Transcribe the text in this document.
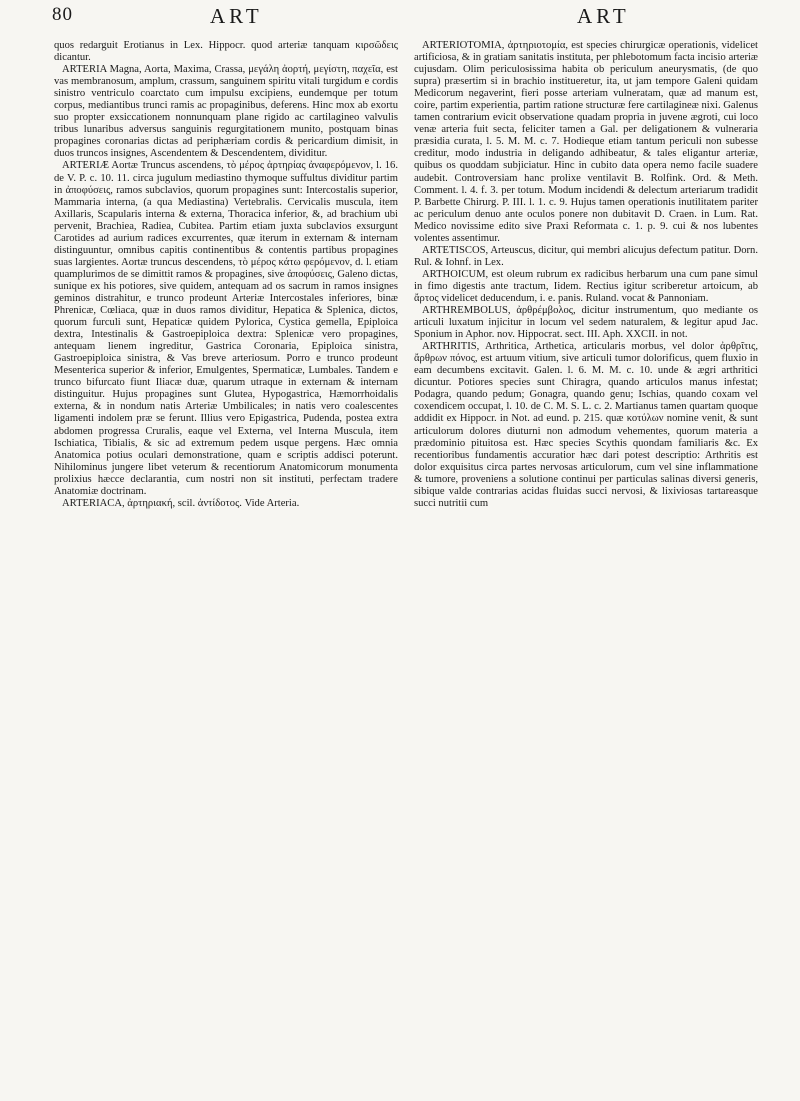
80	ART	ART

quos redarguit Erotianus in Lex. Hippocr. quod arteriæ tanquam κιρσῶδεις dicantur.

ARTERIA Magna, Aorta, Maxima, Crassa, μεγάλη ἀορτή, μεγίστη, παχεῖα, est vas membranosum, amplum, crassum, sanguinem spiritu vitali turgidum e cordis sinistro ventriculo coarctato cum impulsu excipiens, eundemque per totum corpus, mediantibus trunci ramis ac propaginibus, deferens. Hinc mox ab exortu suo propter exsiccationem nonnunquam plane rigido ac cartilagineo valvulis tribus lunaribus adversus sanguinis regurgitationem munito, postquam binas propagines coronarias dictas ad periphæriam cordis & pericardium dimisit, in duos truncos insignes, Ascendentem & Descendentem, dividitur.

ARTERIÆ Aortæ Truncus ascendens, τὸ μέρος ἀρτηρίας ἀναφερόμενον, l. 16. de V. P. c. 10. 11. circa jugulum mediastino thymoque suffultus dividitur partim in ἀποφύσεις, ramos subclavios, quorum propagines sunt: Intercostalis superior, Mammaria interna, (a qua Mediastina) Vertebralis. Cervicalis muscula, item Axillaris, Scapularis interna & externa, Thoracica inferior, &, ad brachium ubi pervenit, Brachiea, Radiea, Cubitea. Partim etiam juxta subclavios exsurgunt Carotides ad aurium radices excurrentes, quæ iterum in externam & internam distinguuntur, omnibus capitis continentibus & contentis partibus propagines suas largientes. Aortæ truncus descendens, τὸ μέρος κάτω φερόμενον, d. l. etiam quamplurimos de se dimittit ramos & propagines, sive ἀποφύσεις, Galeno dictas, sunique ex his potiores, sive quidem, antequam ad os sacrum in ramos insignes geminos distrahitur, e trunco prodeunt Arteriæ Intercostales inferiores, binæ Phrenicæ, Cœliaca, quæ in duos ramos dividitur, Hepatica & Splenica, dictos, quorum furculi sunt, Hepaticæ quidem Pylorica, Cystica gemella, Epiploica dextra, Intestinalis & Gastroepiploica dextra: Splenicæ vero propagines, antequam lienem ingreditur, Gastrica Coronaria, Epiploica sinistra, Gastroepiploica sinistra, & Vas breve arteriosum. Porro e trunco prodeunt Mesenterica superior & inferior, Emulgentes, Spermaticæ, Lumbales. Tandem e trunco bifurcato fiunt Iliacæ duæ, quarum utraque in externam & internam distinguitur. Hujus propagines sunt Glutea, Hypogastrica, Hæmorrhoidalis externa, & in nondum natis Arteriæ Umbilicales; in natis vero coalescentes ligamenti indolem præ se ferunt. Illius vero Epigastrica, Pudenda, postea extra abdomen progressa Cruralis, eaque vel Externa, vel Interna Muscula, item Ischiatica, Tibialis, & sic ad extremum pedem usque pergens. Hæc omnia Anatomica potius oculari demonstratione, quam e scriptis addisci poterunt. Nihilominus jungere libet veterum & recentiorum Anatomicorum monumenta prolixius hæcce declarantia, cum nostri non sit instituti, perfectam tradere Anatomiæ doctrinam.

ARTERIACA, ἀρτηριακή, scil. ἀντίδοτος. Vide Arteria.

ARTERIOTOMIA, ἀρτηριοτομία, est species chirurgicæ operationis, videlicet artificiosa, & in gratiam sanitatis instituta, per phlebotomum facta incisio arteriæ cujusdam. Olim periculosissima habita ob periculum aneurysmatis, (de quo supra) præsertim si in brachio institueretur, ita, ut jam tempore Galeni quidam Medicorum negaverint, fieri posse arteriam vulneratam, quæ ad manum est, coire, partim experientia, partim ratione structuræ fere cartilagineæ nixi. Galenus tamen contrarium evicit observatione quadam propria in juvene ægroti, cui loco venæ arteria fuit secta, feliciter tamen a Gal. per deligationem & vulneraria præsidia curata, l. 5. M. M. c. 7. Hodieque etiam tantum periculi non subesse creditur, modo industria in deligando adhibeatur, & tales eligantur arteriæ, quibus os quoddam subjiciatur. Hinc in cubito data opera nemo facile suadere audebit. Controversiam hanc prolixe ventilavit B. Rolfink. Ord. & Meth. Comment. l. 4. f. 3. per totum. Modum incidendi & delectum arteriarum tradidit P. Barbette Chirurg. P. III. l. 1. c. 9. Hujus tamen operationis inutilitatem pariter ac periculum denuo ante oculos ponere non dubitavit D. Craen. in Lum. Rat. Medico novissime edito sive Praxi Reformata c. 1. p. 9. cui & nos lubentes volentes assentimur.

ARTETISCOS, Arteuscus, dicitur, qui membri alicujus defectum patitur. Dorn. Rul. & Iohnf. in Lex.

ARTHOICUM, est oleum rubrum ex radicibus herbarum una cum pane simul in fimo digestis ante tractum, Iidem. Rectius igitur scriberetur artoicum, ab ἄρτος videlicet deducendum, i. e. panis. Ruland. vocat & Pannoniam.

ARTHREMBOLUS, ἀρθρέμβολος, dicitur instrumentum, quo mediante os articuli luxatum injicitur in locum vel sedem naturalem, & legitur apud Jac. Sponium in Aphor. nov. Hippocrat. sect. III. Aph. XXCII. in not.

ARTHRITIS, Arthritica, Arthetica, articularis morbus, vel dolor ἀρθρῖτις, ἄρθρων πόνος, est artuum vitium, sive articuli tumor dolorificus, quem fluxio in eam decumbens excitavit. Galen. l. 6. M. M. c. 10. unde & ægri arthritici dicuntur. Potiores species sunt Chiragra, quando articulos manus infestat; Podagra, quando pedum; Gonagra, quando genu; Ischias, quando coxam vel coxendicem occupat, l. 10. de C. M. S. L. c. 2. Martianus tamen quartam quoque addidit ex Hippocr. in Not. ad eund. p. 215. quæ κοτύλων nomine venit, & sunt articulorum dolores diuturni non admodum vehementes, quorum materia a prædominio pituitosa est. Hæc species Scythis quondam familiaris &c. Ex recentioribus fundamentis accuratior hæc dari potest descriptio: Arthritis est dolor exquisitus circa partes nervosas articulorum, cum vel sine inflammatione & tumore, proveniens a solutione continui per particulas salinas diversi generis, sibique valde contrarias acidas fluidas succi nervosi, & lixiviosas tartareasque succi nutritii cum
